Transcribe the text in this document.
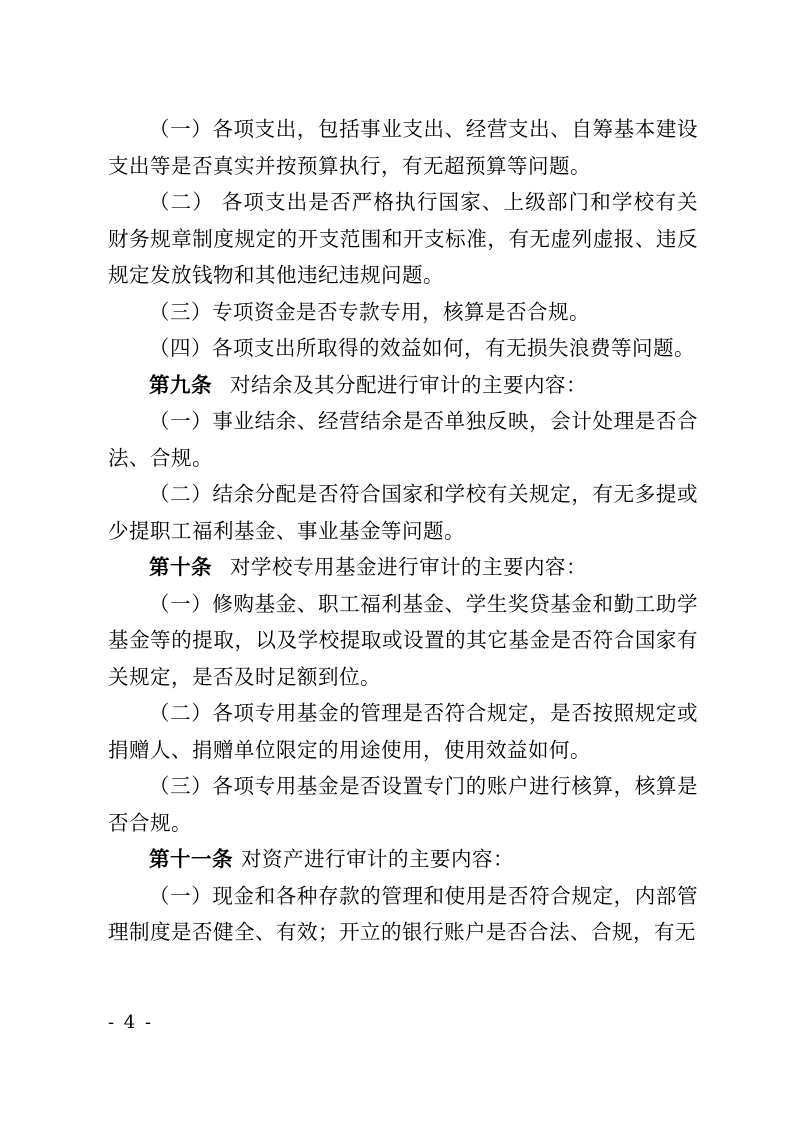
（一）各项支出，包括事业支出、经营支出、自筹基本建设支出等是否真实并按预算执行，有无超预算等问题。

（二） 各项支出是否严格执行国家、上级部门和学校有关财务规章制度规定的开支范围和开支标准，有无虚列虚报、违反规定发放钱物和其他违纪违规问题。

（三）专项资金是否专款专用，核算是否合规。

（四）各项支出所取得的效益如何，有无损失浪费等问题。

第九条 对结余及其分配进行审计的主要内容：

（一）事业结余、经营结余是否单独反映，会计处理是否合法、合规。

（二）结余分配是否符合国家和学校有关规定，有无多提或少提职工福利基金、事业基金等问题。

第十条 对学校专用基金进行审计的主要内容：

（一）修购基金、职工福利基金、学生奖贷基金和勤工助学基金等的提取，以及学校提取或设置的其它基金是否符合国家有关规定，是否及时足额到位。

（二）各项专用基金的管理是否符合规定，是否按照规定或捐赠人、捐赠单位限定的用途使用，使用效益如何。

（三）各项专用基金是否设置专门的账户进行核算，核算是否合规。

第十一条 对资产进行审计的主要内容：

（一）现金和各种存款的管理和使用是否符合规定，内部管理制度是否健全、有效；开立的银行账户是否合法、合规，有无

- 4 -
